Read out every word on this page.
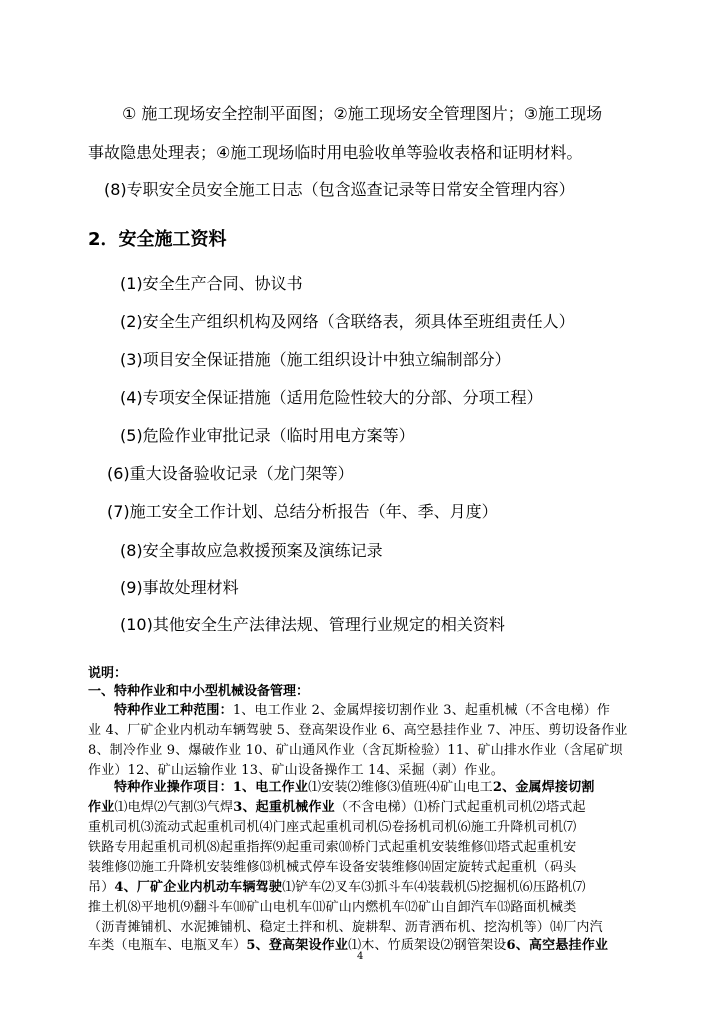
① 施工现场安全控制平面图；②施工现场安全管理图片；③施工现场
事故隐患处理表；④施工现场临时用电验收单等验收表格和证明材料。
(8)专职安全员安全施工日志（包含巡查记录等日常安全管理内容）
2．安全施工资料
(1)安全生产合同、协议书
(2)安全生产组织机构及网络（含联络表，须具体至班组责任人）
(3)项目安全保证措施（施工组织设计中独立编制部分）
(4)专项安全保证措施（适用危险性较大的分部、分项工程）
(5)危险作业审批记录（临时用电方案等）
(6)重大设备验收记录（龙门架等）
(7)施工安全工作计划、总结分析报告（年、季、月度）
(8)安全事故应急救援预案及演练记录
(9)事故处理材料
(10)其他安全生产法律法规、管理行业规定的相关资料
说明：
一、特种作业和中小型机械设备管理：
特种作业工种范围：1、电工作业 2、金属焊接切割作业 3、起重机械（不含电梯）作
业 4、厂矿企业内机动车辆驾驶 5、登高架设作业 6、高空悬挂作业 7、冲压、剪切设备作业
8、制冷作业 9、爆破作业 10、矿山通风作业（含瓦斯检验）11、矿山排水作业（含尾矿坝
作业）12、矿山运输作业 13、矿山设备操作工 14、采掘（剥）作业。
特种作业操作项目：1、电工作业⑴安装⑵维修⑶值班⑷矿山电工2、金属焊接切割
作业⑴电焊⑵气割⑶气焊3、起重机械作业（不含电梯）⑴桥门式起重机司机⑵塔式起
重机司机⑶流动式起重机司机⑷门座式起重机司机⑸卷扬机司机⑹施工升降机司机⑺
铁路专用起重机司机⑻起重指挥⑼起重司索⑽桥门式起重机安装维修⑾塔式起重机安
装维修⑿施工升降机安装维修⒀机械式停车设备安装维修⒁固定旋转式起重机（码头
吊）4、厂矿企业内机动车辆驾驶⑴铲车⑵叉车⑶抓斗车⑷装载机⑸挖掘机⑹压路机⑺
推土机⑻平地机⑼翻斗车⑽矿山电机车⑾矿山内燃机车⑿矿山自卸汽车⒀路面机械类
（沥青摊铺机、水泥摊铺机、稳定土拌和机、旋耕犁、沥青洒布机、挖沟机等）⒁厂内汽
车类（电瓶车、电瓶叉车）5、登高架设作业⑴木、竹质架设⑵钢管架设6、高空悬挂作业
4
